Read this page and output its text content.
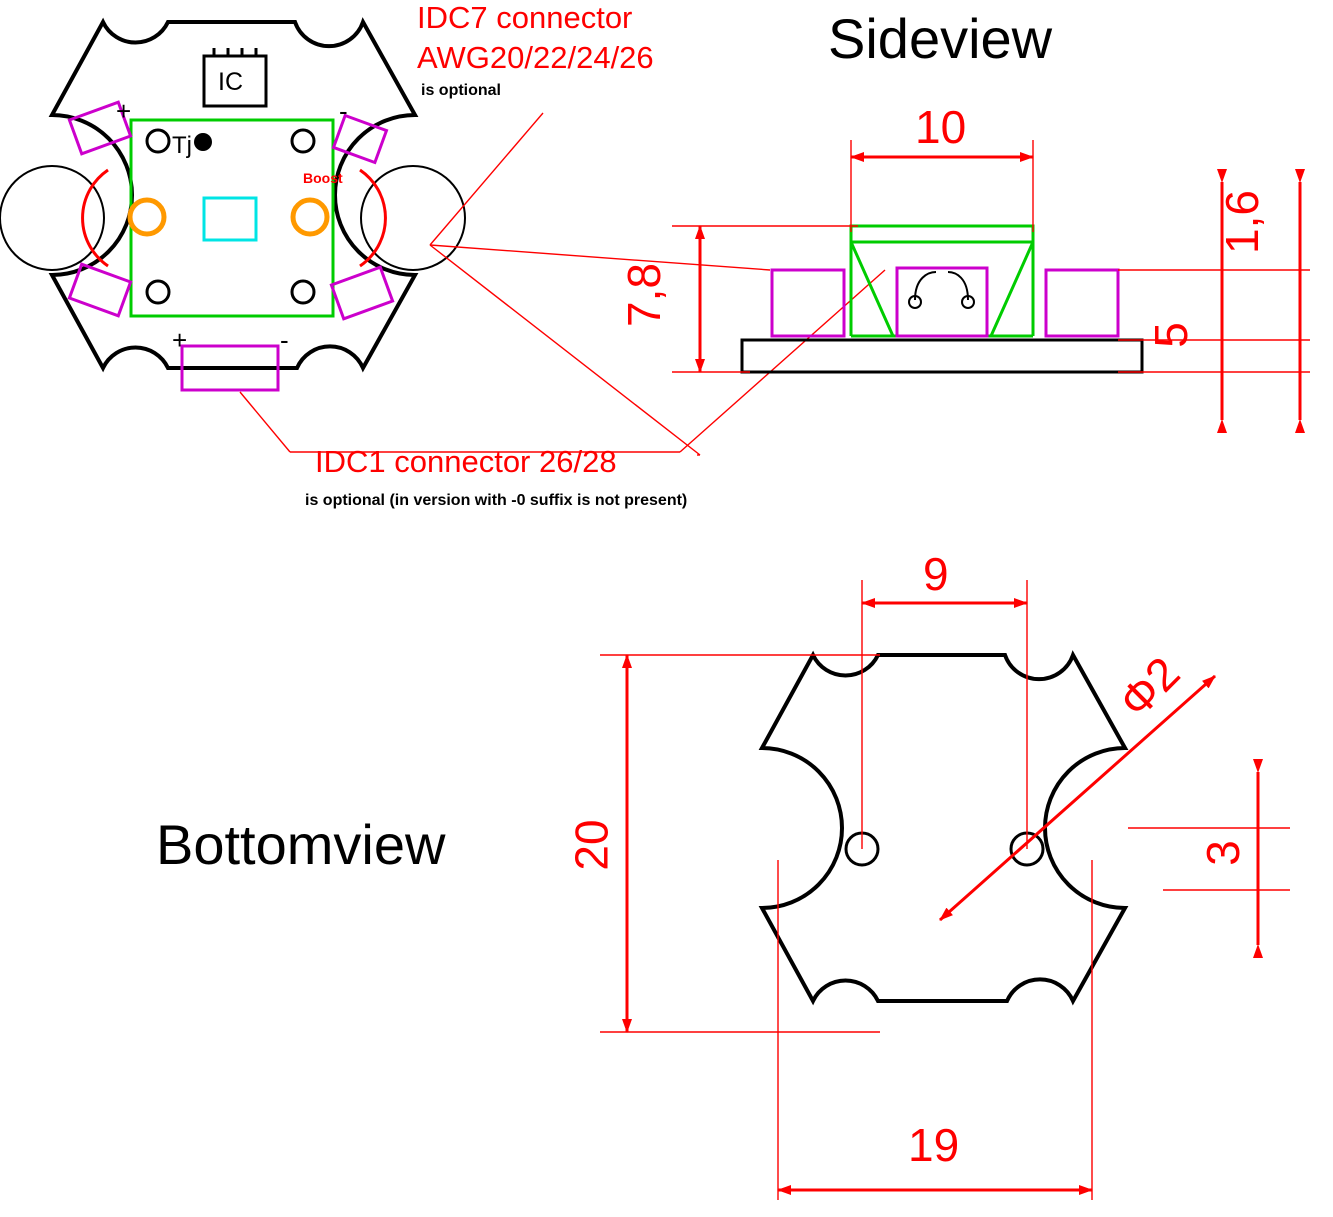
IDC7 connector
AWG20/22/24/26
is optional
IDC1 connector 26/28
is optional (in version with -0 suffix is not present)
Sideview
Bottomview
IC
Tj
Boost
+	-
+	-
10
7,8
5
1,6
9
20
19
Φ2
3
